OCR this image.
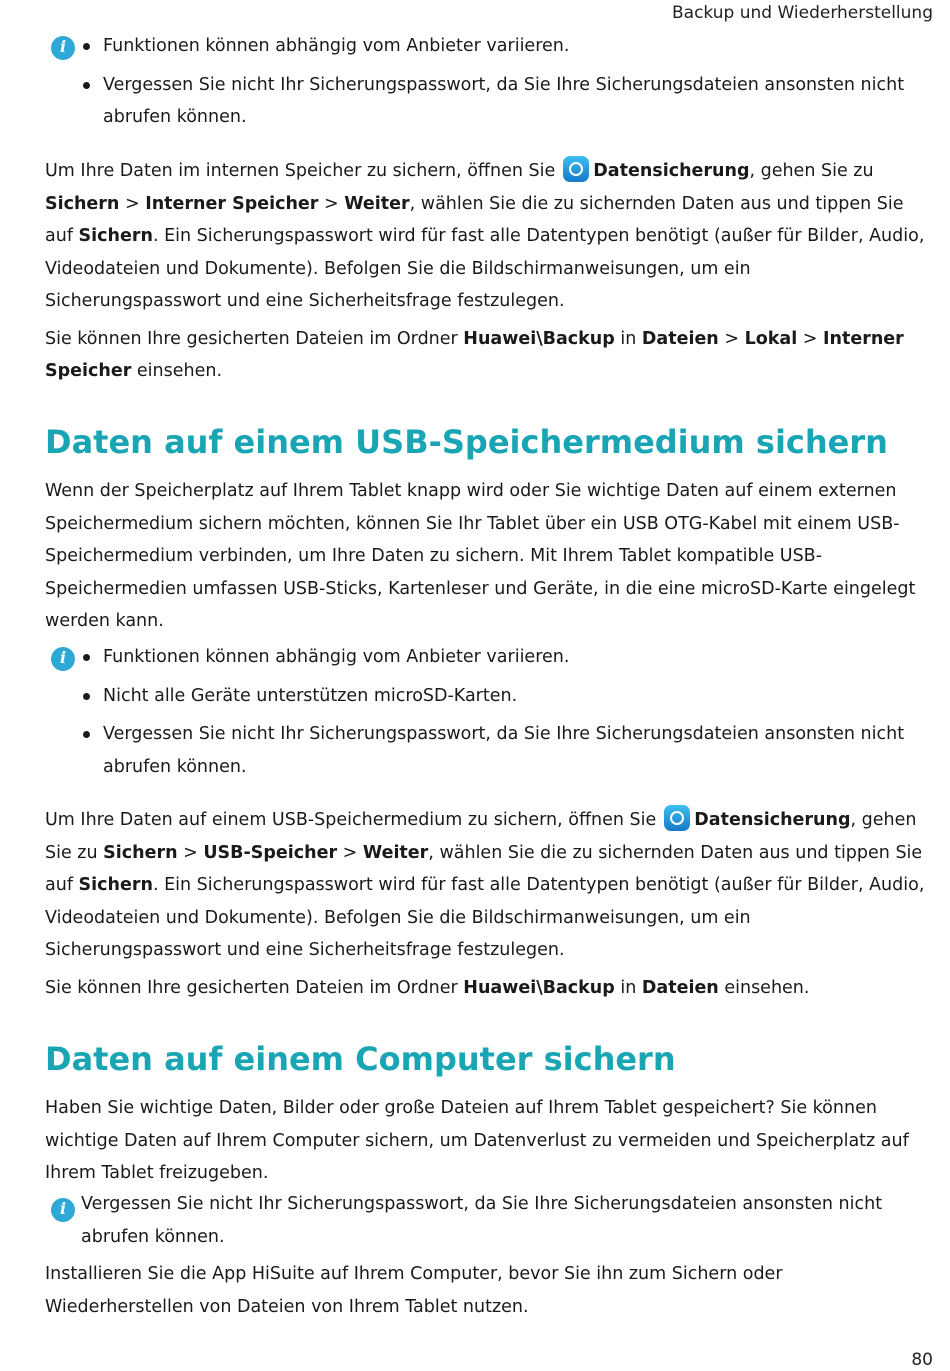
Backup und Wiederherstellung
i
Funktionen können abhängig vom Anbieter variieren.
Vergessen Sie nicht Ihr Sicherungspasswort, da Sie Ihre Sicherungsdateien ansonsten nicht abrufen können.

Um Ihre Daten im internen Speicher zu sichern, öffnen Sie Datensicherung, gehen Sie zu Sichern > Interner Speicher > Weiter, wählen Sie die zu sichernden Daten aus und tippen Sie auf Sichern. Ein Sicherungspasswort wird für fast alle Datentypen benötigt (außer für Bilder, Audio, Videodateien und Dokumente). Befolgen Sie die Bildschirmanweisungen, um ein Sicherungspasswort und eine Sicherheitsfrage festzulegen.

Sie können Ihre gesicherten Dateien im Ordner Huawei\Backup in Dateien > Lokal > Interner Speicher einsehen.

Daten auf einem USB-Speichermedium sichern

Wenn der Speicherplatz auf Ihrem Tablet knapp wird oder Sie wichtige Daten auf einem externen Speichermedium sichern möchten, können Sie Ihr Tablet über ein USB OTG-Kabel mit einem USB-Speichermedium verbinden, um Ihre Daten zu sichern. Mit Ihrem Tablet kompatible USB-Speichermedien umfassen USB-Sticks, Kartenleser und Geräte, in die eine microSD-Karte eingelegt werden kann.

i
Funktionen können abhängig vom Anbieter variieren.
Nicht alle Geräte unterstützen microSD-Karten.
Vergessen Sie nicht Ihr Sicherungspasswort, da Sie Ihre Sicherungsdateien ansonsten nicht abrufen können.

Um Ihre Daten auf einem USB-Speichermedium zu sichern, öffnen Sie Datensicherung, gehen Sie zu Sichern > USB-Speicher > Weiter, wählen Sie die zu sichernden Daten aus und tippen Sie auf Sichern. Ein Sicherungspasswort wird für fast alle Datentypen benötigt (außer für Bilder, Audio, Videodateien und Dokumente). Befolgen Sie die Bildschirmanweisungen, um ein Sicherungspasswort und eine Sicherheitsfrage festzulegen.

Sie können Ihre gesicherten Dateien im Ordner Huawei\Backup in Dateien einsehen.

Daten auf einem Computer sichern

Haben Sie wichtige Daten, Bilder oder große Dateien auf Ihrem Tablet gespeichert? Sie können wichtige Daten auf Ihrem Computer sichern, um Datenverlust zu vermeiden und Speicherplatz auf Ihrem Tablet freizugeben.

i

Vergessen Sie nicht Ihr Sicherungspasswort, da Sie Ihre Sicherungsdateien ansonsten nicht abrufen können.

Installieren Sie die App HiSuite auf Ihrem Computer, bevor Sie ihn zum Sichern oder Wiederherstellen von Dateien von Ihrem Tablet nutzen.

80
